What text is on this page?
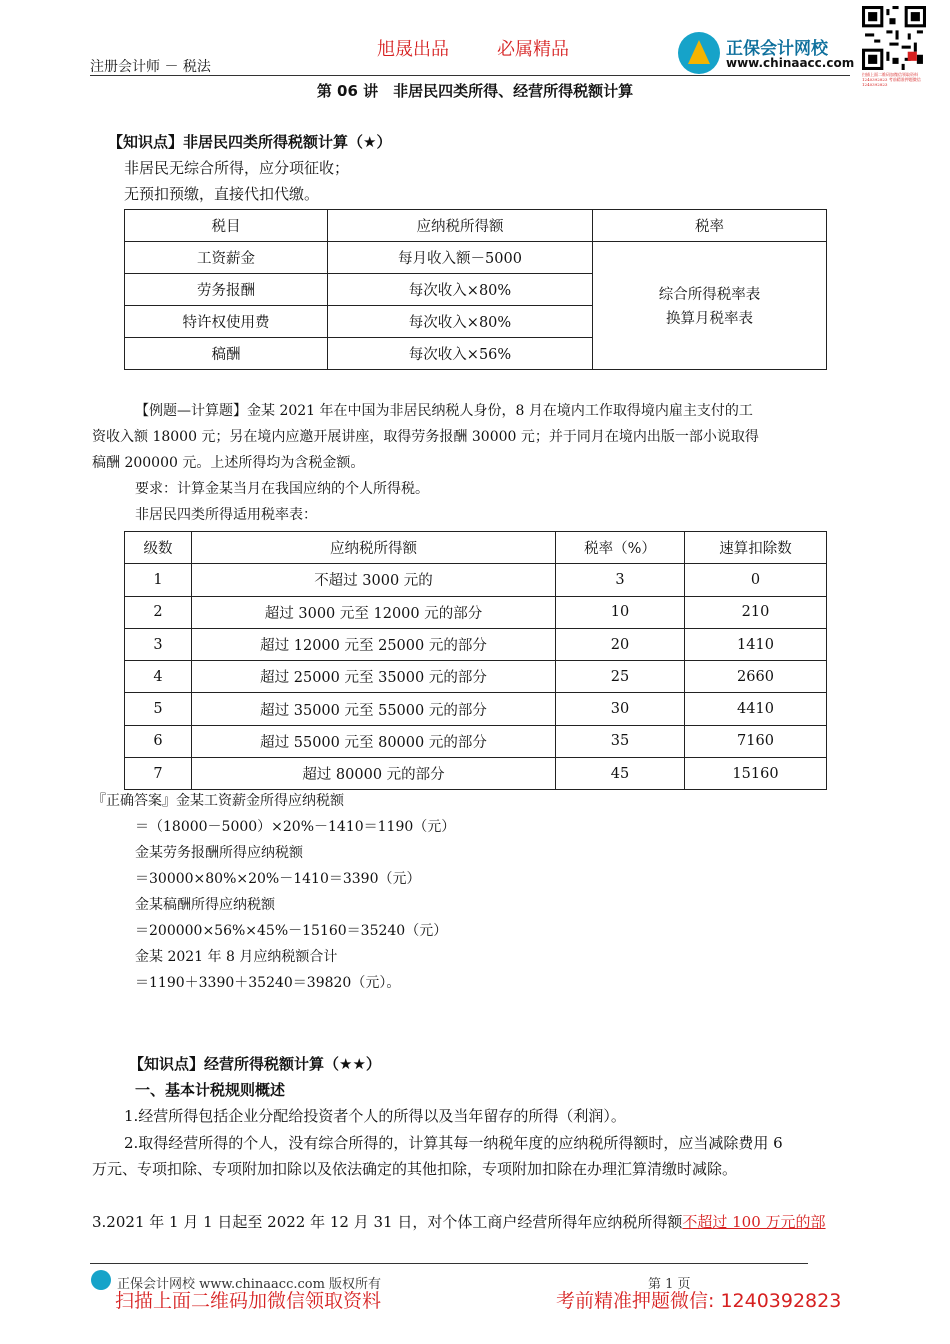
注册会计师 － 税法
旭晟出品	必属精品	正保会计网校
www.chinaacc.com
扫描上面二维码加微信领取资料 1240392823 考前精准押题微信 1240392823
第 06 讲　非居民四类所得、经营所得税额计算
【知识点】非居民四类所得税额计算（★）
非居民无综合所得，应分项征收；
无预扣预缴，直接代扣代缴。
税目	应纳税所得额	税率
工资薪金	每月收入额－5000	综合所得税率表
换算月税率表

劳务报酬	每次收入×80%	
特许权使用费	每次收入×80%	
稿酬	每次收入×56%	
【例题—计算题】金某 2021 年在中国为非居民纳税人身份，8 月在境内工作取得境内雇主支付的工
资收入额 18000 元；另在境内应邀开展讲座，取得劳务报酬 30000 元；并于同月在境内出版一部小说取得
稿酬 200000 元。上述所得均为含税金额。
要求：计算金某当月在我国应纳的个人所得税。
非居民四类所得适用税率表：
级数	应纳税所得额	税率（%）	速算扣除数
1	不超过 3000 元的	3	0
2	超过 3000 元至 12000 元的部分	10	210
3	超过 12000 元至 25000 元的部分	20	1410
4	超过 25000 元至 35000 元的部分	25	2660
5	超过 35000 元至 55000 元的部分	30	4410
6	超过 55000 元至 80000 元的部分	35	7160
7	超过 80000 元的部分	45	15160
『正确答案』金某工资薪金所得应纳税额
＝（18000－5000）×20%－1410＝1190（元）
金某劳务报酬所得应纳税额
＝30000×80%×20%－1410＝3390（元）
金某稿酬所得应纳税额
＝200000×56%×45%－15160＝35240（元）
金某 2021 年 8 月应纳税额合计
＝1190＋3390＋35240＝39820（元）。
【知识点】经营所得税额计算（★★）
一、基本计税规则概述
1.经营所得包括企业分配给投资者个人的所得以及当年留存的所得（利润）。
2.取得经营所得的个人，没有综合所得的，计算其每一纳税年度的应纳税所得额时，应当减除费用 6
万元、专项扣除、专项附加扣除以及依法确定的其他扣除，专项附加扣除在办理汇算清缴时减除。
3.2021 年 1 月 1 日起至 2022 年 12 月 31 日，对个体工商户经营所得年应纳税所得额不超过 100 万元的部
正保会计网校 www.chinaacc.com 版权所有	第 1 页
扫描上面二维码加微信领取资料	考前精准押题微信: 1240392823
